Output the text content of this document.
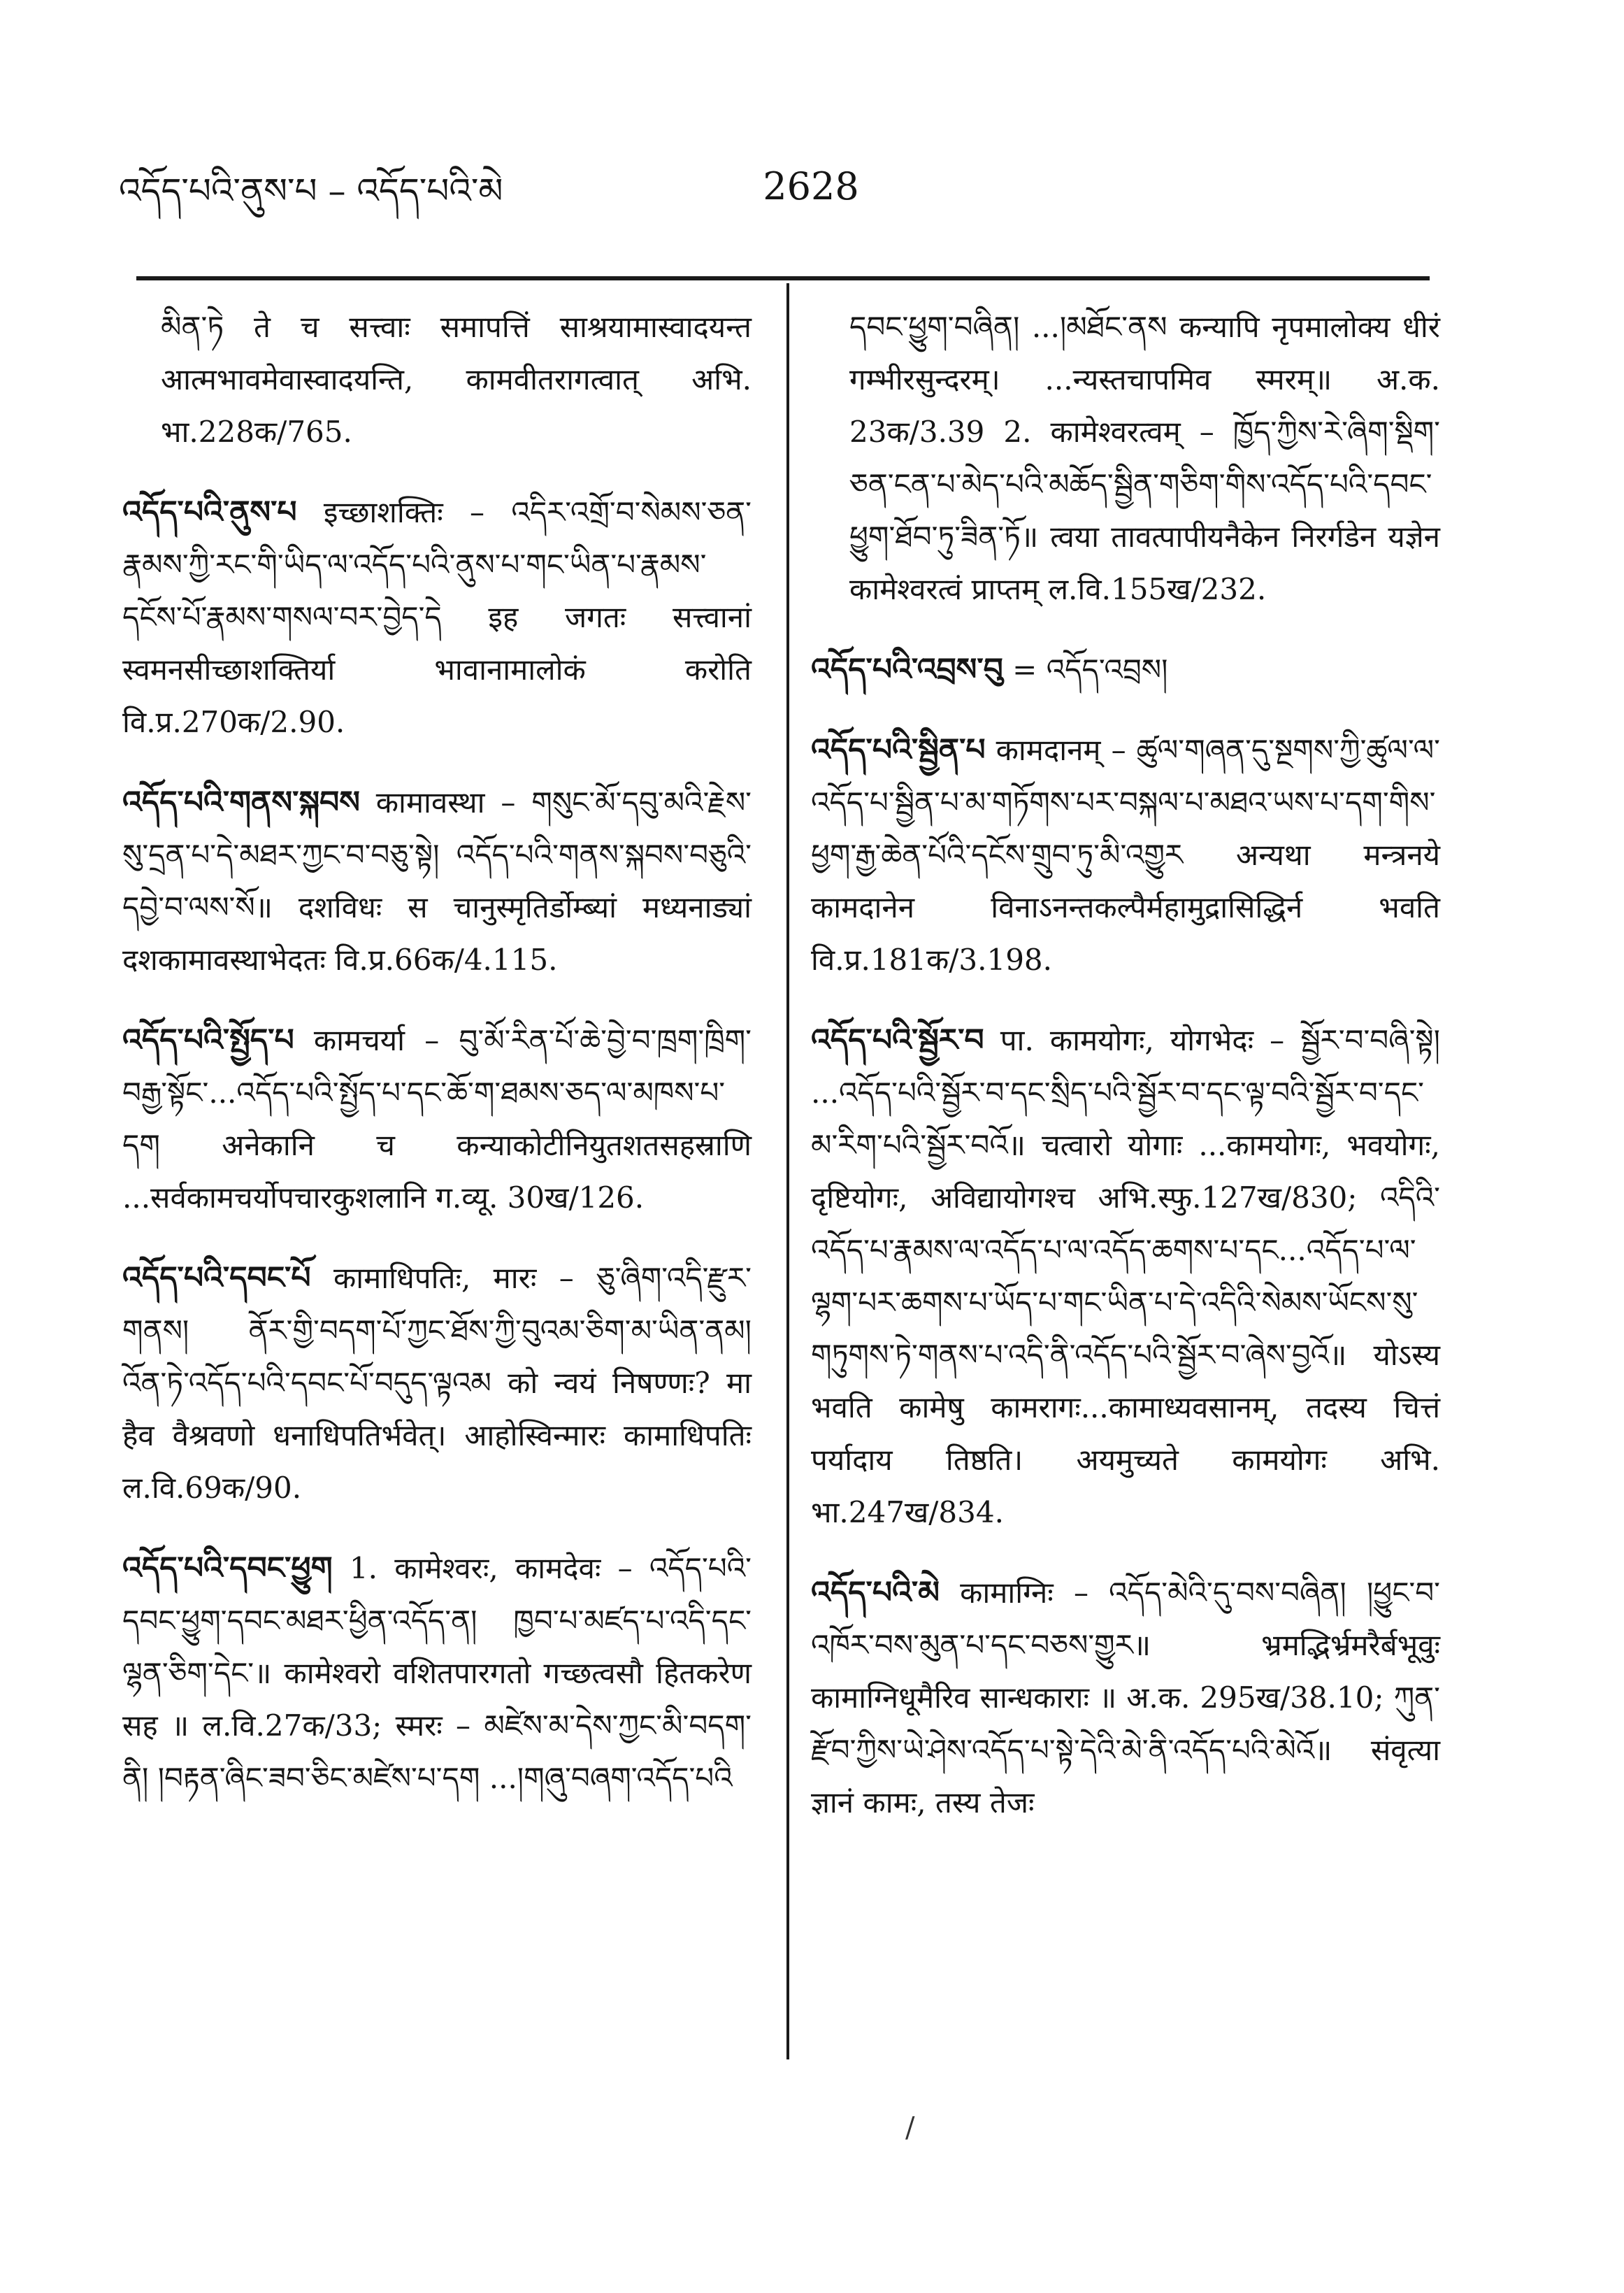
འདོད་པའི་ནུས་པ – འདོད་པའི་མེ	2628

མིན་ཏེ ते च सत्त्वाः समापत्तिं साश्रयामास्वादयन्त आत्मभावमेवास्वादयन्ति, कामवीतरागत्वात् अभि. भा.228क/765.

འདོད་པའི་ནུས་པ इच्छाशक्तिः – འདིར་འགྲོ་བ་སེམས་ཅན་རྣམས་ཀྱི་རང་གི་ཡིད་ལ་འདོད་པའི་ནུས་པ་གང་ཡིན་པ་རྣམས་དངོས་པོ་རྣམས་གསལ་བར་བྱེད་དེ इह जगतः सत्त्वानां स्वमनसीच्छाशक्तिर्या भावानामालोकं करोति वि.प्र.270क/2.90.

འདོད་པའི་གནས་སྐབས कामावस्था – གསུང་མོ་དབུ་མའི་རྗེས་སུ་དྲན་པ་དེ་མཐར་ཀྱང་བ་བཅུ་སྟེ། འདོད་པའི་གནས་སྐབས་བཅུའི་དབྱེ་བ་ལས་སོ॥ दशविधः स चानुस्मृतिर्डोम्ब्यां मध्यनाड्यां दशकामावस्थाभेदतः वि.प्र.66क/4.115.

འདོད་པའི་སྤྱོད་པ कामचर्या – བུ་མོ་རིན་པོ་ཆེ་བྱེ་བ་ཁྲག་ཁྲིག་བརྒྱ་སྟོང་...འདོད་པའི་སྤྱོད་པ་དང་ཆོ་ག་ཐམས་ཅད་ལ་མཁས་པ་དག अनेकानि च कन्याकोटीनियुतशतसहस्राणि ...सर्वकामचर्योपचारकुशलानि ग.व्यू. 30ख/126.

འདོད་པའི་དབང་པོ कामाधिपतिः, मारः – ཅུ་ཞིག་འདི་རྫུར་གནས། ནོར་གྱི་བདག་པོ་ཀྱང་ཐོས་ཀྱི་བུའམ་ཅིག་མ་ཡིན་ནམ། འོན་ཏེ་འདོད་པའི་དབང་པོ་བདུད་ལྟའམ को न्वयं निषण्णः? मा हैव वैश्रवणो धनाधिपतिर्भवेत्। आहोस्विन्मारः कामाधिपतिः ल.वि.69क/90.

འདོད་པའི་དབང་ཕྱུག 1. कामेश्वरः, कामदेवः – འདོད་པའི་དབང་ཕྱུག་དབང་མཐར་ཕྱིན་འདོད་ན། ཁྱབ་པ་མཛད་པ་འདི་དང་ལྷན་ཅིག་དེང་॥ कामेश्वरो वशितपारगतो गच्छत्वसौ हितकरेण सह ॥ ल.वि.27क/33; स्मरः – མཛེས་མ་དེས་ཀྱང་མི་བདག་ནི། །བརྟན་ཞིང་ཟབ་ཅིང་མཛེས་པ་དག ...།གཞུ་བཞག་འདོད་པའི

དབང་ཕྱུག་བཞིན། ...།མཐོང་ནས कन्यापि नृपमालोक्य धीरं गम्भीरसुन्दरम्। ...न्यस्तचापमिव स्मरम्॥ अ.क. 23क/3.39 2. कामेश्वरत्वम् – ཁྱོད་ཀྱིས་རེ་ཞིག་སྡིག་ཅན་ངན་པ་མེད་པའི་མཆོད་སྦྱིན་གཅིག་གིས་འདོད་པའི་དབང་ཕྱུག་ཐོབ་ཏུ་ཟིན་ཏོ॥ त्वया तावत्पापीयनैकेन निरर्गडेन यज्ञेन कामेश्वरत्वं प्राप्तम् ल.वि.155ख/232.

འདོད་པའི་འབྲས་བུ = འདོད་འབྲས།

འདོད་པའི་སྦྱིན་པ कामदानम् – ཚུལ་གཞན་དུ་སྔགས་ཀྱི་ཚུལ་ལ་འདོད་པ་སྦྱིན་པ་མ་གཏོགས་པར་བསྐལ་པ་མཐའ་ཡས་པ་དག་གིས་ཕྱག་རྒྱ་ཆེན་པོའི་དངོས་གྲུབ་ཏུ་མི་འགྱུར अन्यथा मन्त्रनये कामदानेन विनाऽनन्तकल्पैर्महामुद्रासिद्धिर्न भवति वि.प्र.181क/3.198.

འདོད་པའི་སྦྱོར་བ पा. कामयोगः, योगभेदः – སྦྱོར་བ་བཞི་སྟེ། ...འདོད་པའི་སྦྱོར་བ་དང་སྲིད་པའི་སྦྱོར་བ་དང་ལྟ་བའི་སྦྱོར་བ་དང་མ་རིག་པའི་སྦྱོར་བའོ॥ चत्वारो योगाः ...कामयोगः, भवयोगः, दृष्टियोगः, अविद्यायोगश्च अभि.स्फु.127ख/830; འདིའི་འདོད་པ་རྣམས་ལ་འདོད་པ་ལ་འདོད་ཆགས་པ་དང...འདོད་པ་ལ་ལྷག་པར་ཆགས་པ་ཡོད་པ་གང་ཡིན་པ་དེ་འདིའི་སེམས་ཡོངས་སུ་གཏུགས་ཏེ་གནས་པ་འདི་ནི་འདོད་པའི་སྦྱོར་བ་ཞེས་བྱའོ॥ योऽस्य भवति कामेषु कामरागः...कामाध्यवसानम्, तदस्य चित्तं पर्यादाय तिष्ठति। अयमुच्यते कामयोगः अभि. भा.247ख/834.

འདོད་པའི་མེ कामाग्निः – འདོད་མེའི་དུ་བས་བཞིན། །ཕྱུང་བ་འཁོར་བས་མུན་པ་དང་བཅས་གྱུར॥ भ्रमद्भिर्भ्रमरैर्बभूवुः कामाग्निधूमैरिव सान्धकाराः ॥ अ.क. 295ख/38.10; ཀུན་རྫོབ་ཀྱིས་ཡེ་ཤེས་འདོད་པ་སྟེ་དེའི་མེ་ནི་འདོད་པའི་མེའོ॥ संवृत्या ज्ञानं कामः, तस्य तेजः

/
